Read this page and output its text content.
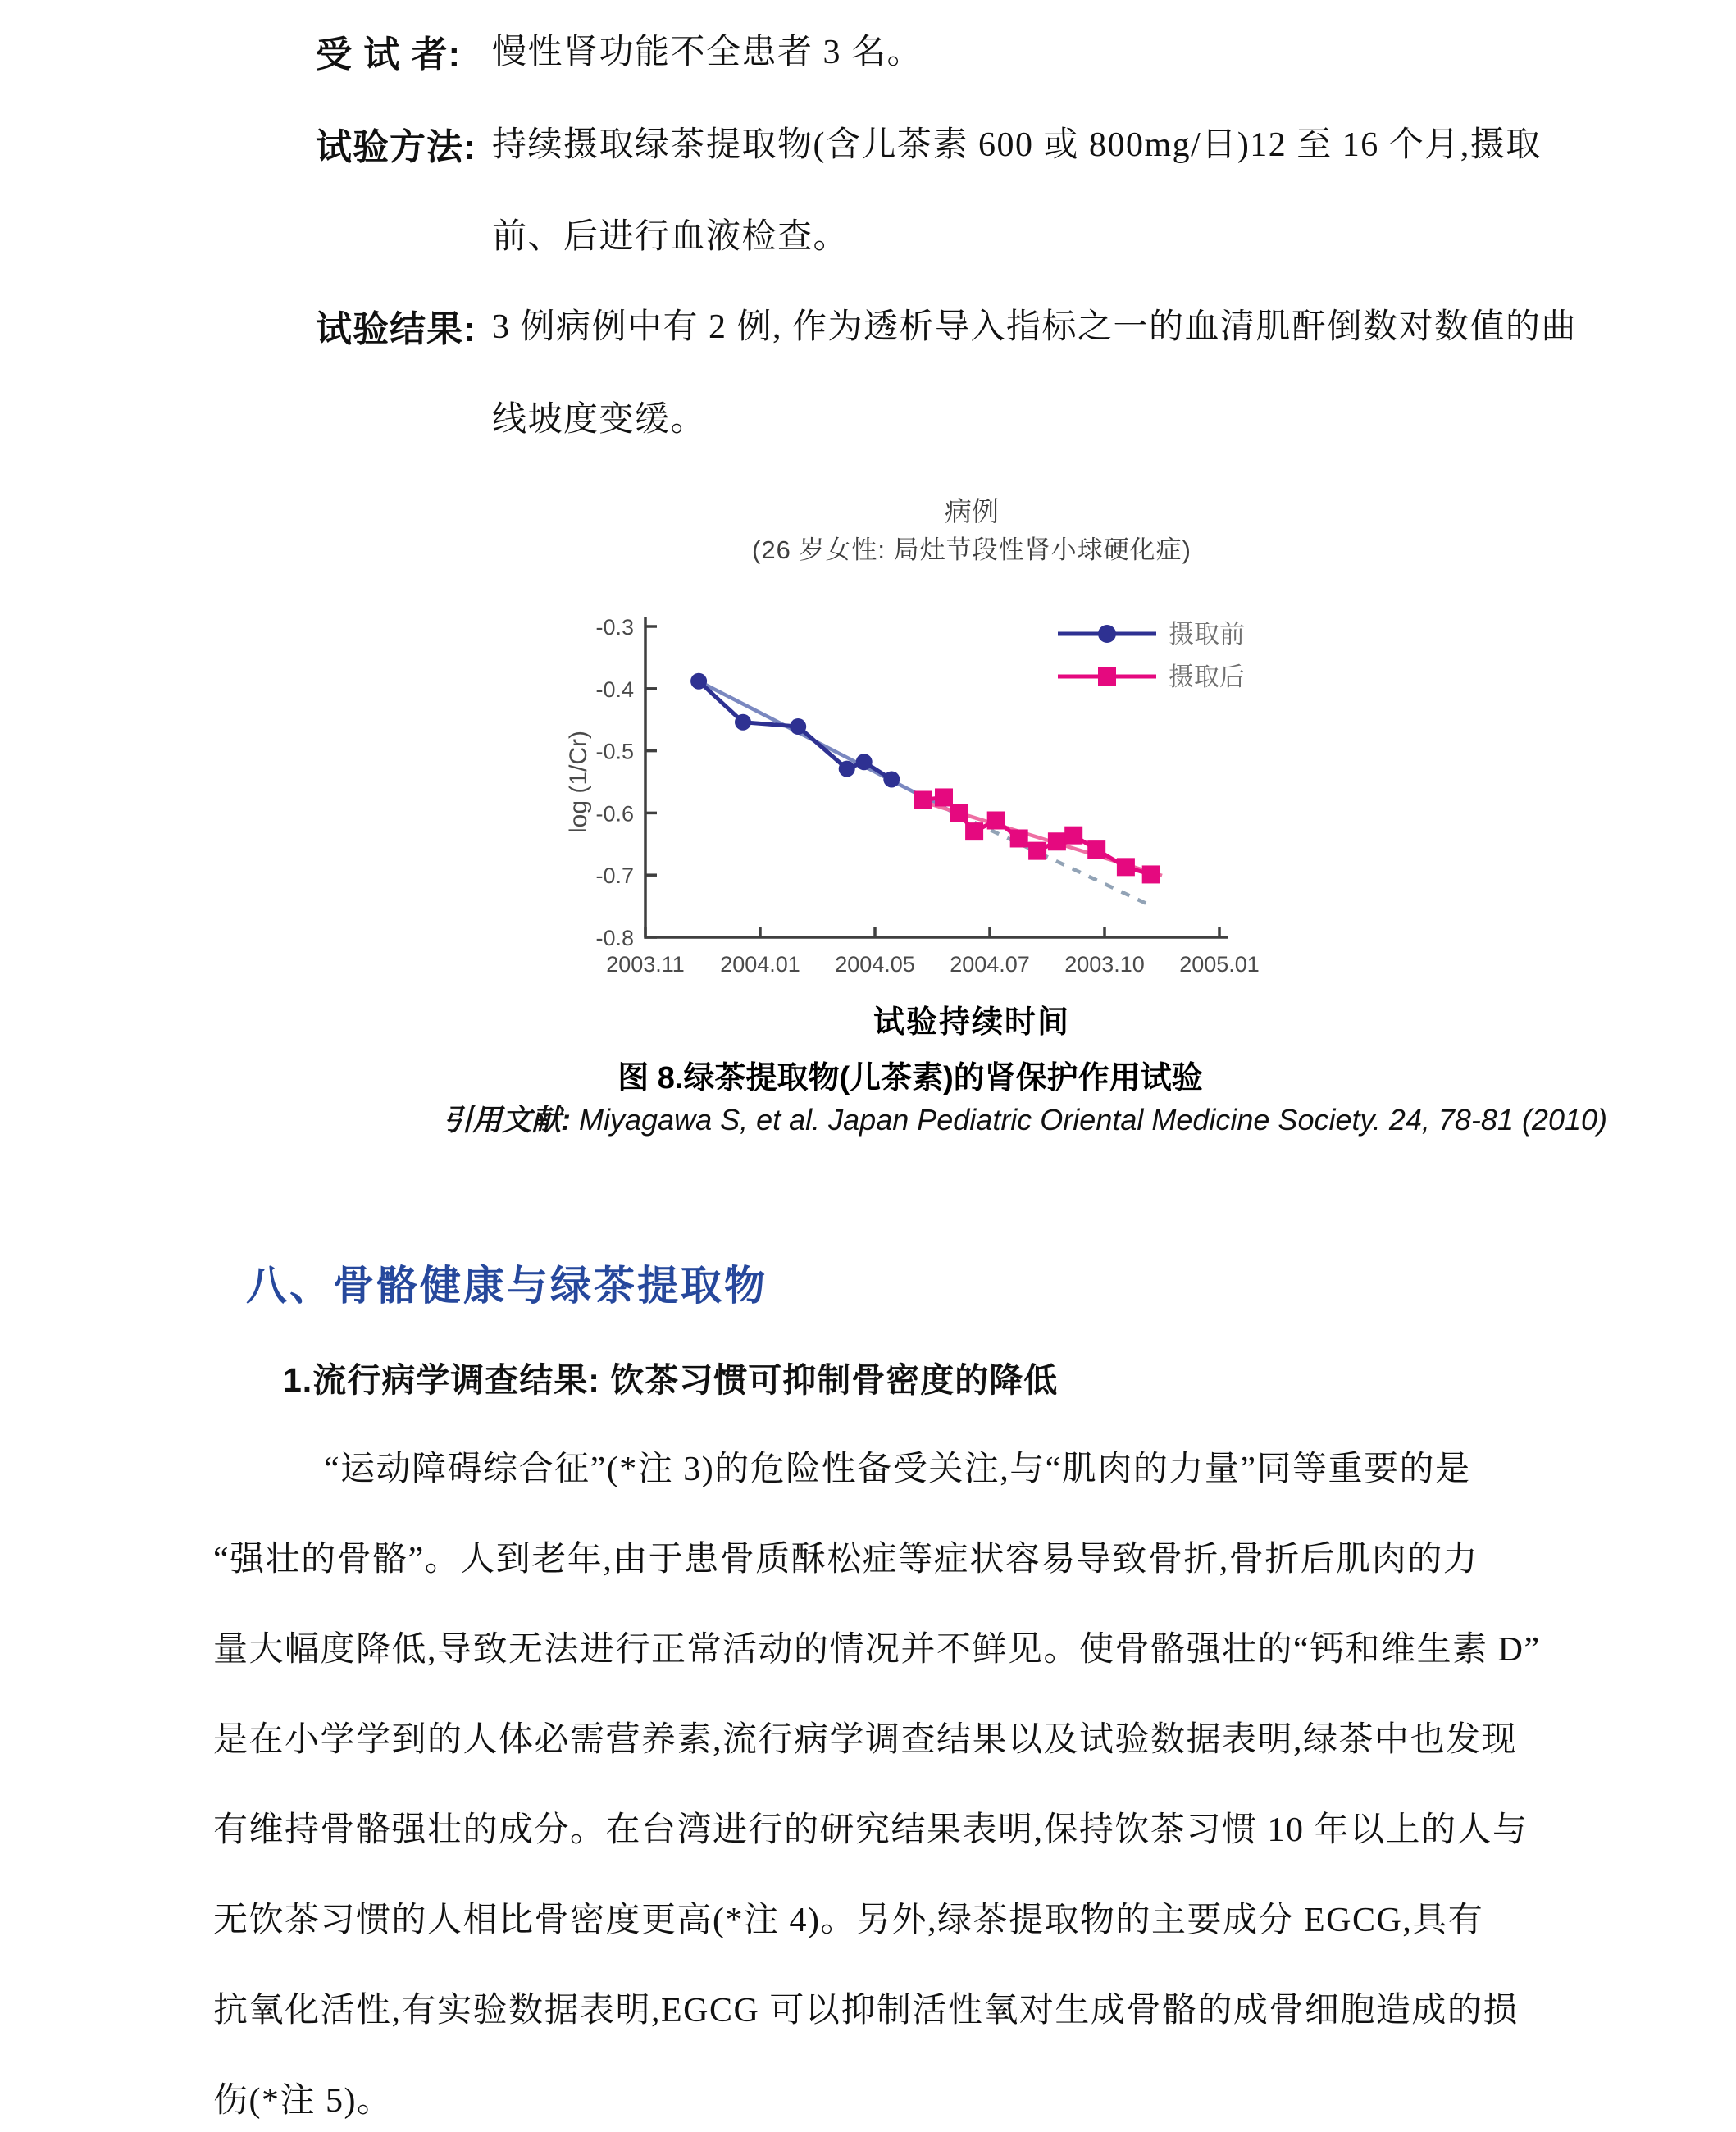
受 试 者: 慢性肾功能不全患者 3 名。
试验方法: 持续摄取绿茶提取物(含儿茶素 600 或 800mg/日)12 至 16 个月,摄取
前、后进行血液检查。
试验结果: 3 例病例中有 2 例, 作为透析导入指标之一的血清肌酐倒数对数值的曲
线坡度变缓。
病例
(26 岁女性: 局灶节段性肾小球硬化症)
-0.3
-0.4
-0.5
-0.6
-0.7
-0.8
2003.11 2004.01 2004.05 2004.07 2003.10 2005.01
log (1/Cr)
摄取前
摄取后
试验持续时间
图 8.绿茶提取物(儿茶素)的肾保护作用试验
引用文献: Miyagawa S, et al. Japan Pediatric Oriental Medicine Society. 24, 78-81 (2010)
八、骨骼健康与绿茶提取物
1.流行病学调查结果: 饮茶习惯可抑制骨密度的降低
“运动障碍综合征”(*注 3)的危险性备受关注,与“肌肉的力量”同等重要的是
“强壮的骨骼”。人到老年,由于患骨质酥松症等症状容易导致骨折,骨折后肌肉的力
量大幅度降低,导致无法进行正常活动的情况并不鲜见。使骨骼强壮的“钙和维生素 D”
是在小学学到的人体必需营养素,流行病学调查结果以及试验数据表明,绿茶中也发现
有维持骨骼强壮的成分。在台湾进行的研究结果表明,保持饮茶习惯 10 年以上的人与
无饮茶习惯的人相比骨密度更高(*注 4)。另外,绿茶提取物的主要成分 EGCG,具有
抗氧化活性,有实验数据表明,EGCG 可以抑制活性氧对生成骨骼的成骨细胞造成的损
伤(*注 5)。
